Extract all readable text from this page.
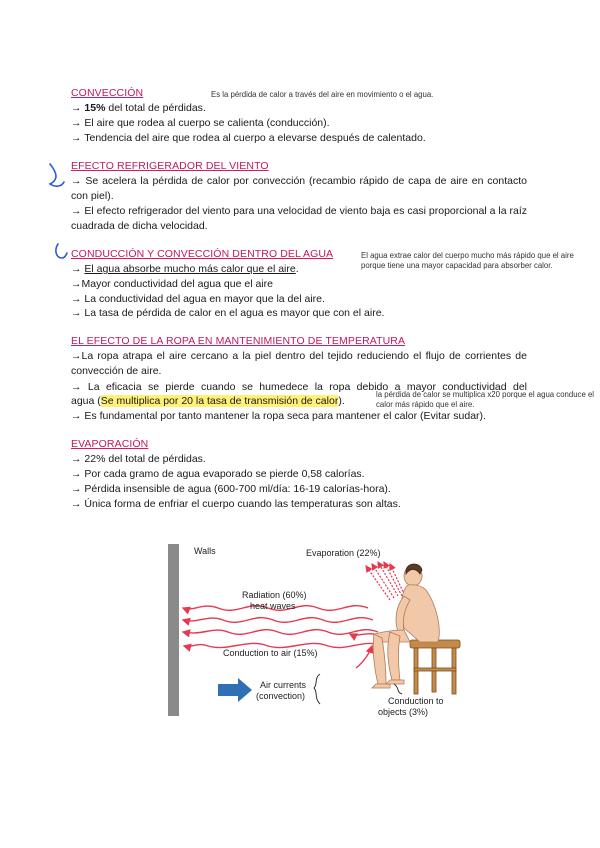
CONVECCIÓN	Es la pérdida de calor a través del aire en movimiento o el agua.
→ 15% del total de pérdidas.
→ El aire que rodea al cuerpo se calienta (conducción).
→ Tendencia del aire que rodea al cuerpo a elevarse después de calentado.
EFECTO REFRIGERADOR DEL VIENTO
→ Se acelera la pérdida de calor por convección (recambio rápido de capa de aire en contacto con piel).
→ El efecto refrigerador del viento para una velocidad de viento baja es casi proporcional a la raíz cuadrada de dicha velocidad.
CONDUCCIÓN Y CONVECCIÓN DENTRO DEL AGUA	El agua extrae calor del cuerpo mucho más rápido que el aire porque tiene una mayor capacidad para absorber calor.
→ El agua absorbe mucho más calor que el aire.
→Mayor conductividad del agua que el aire
→ La conductividad del agua en mayor que la del aire.
→ La tasa de pérdida de calor en el agua es mayor que con el aire.
EL EFECTO DE LA ROPA EN MANTENIMIENTO DE TEMPERATURA
→La ropa atrapa el aire cercano a la piel dentro del tejido reduciendo el flujo de corrientes de convección de aire.
→ La eficacia se pierde cuando se humedece la ropa debido a mayor conductividad del
agua (Se multiplica por 20 la tasa de transmisión de calor).
la pérdida de calor se multiplica x20 porque el agua conduce el calor más rápido que el aire.
→ Es fundamental por tanto mantener la ropa seca para mantener el calor (Evitar sudar).
EVAPORACIÓN
→ 22% del total de pérdidas.
→ Por cada gramo de agua evaporado se pierde 0,58 calorías.
→ Pérdida insensible de agua (600-700 ml/día: 16-19 calorías-hora).
→ Única forma de enfriar el cuerpo cuando las temperaturas son altas.
Walls
Radiation (60%)
heat waves
Conduction to air (15%)
Evaporation (22%)
Air currents
(convection)	Conduction to
objects (3%)
